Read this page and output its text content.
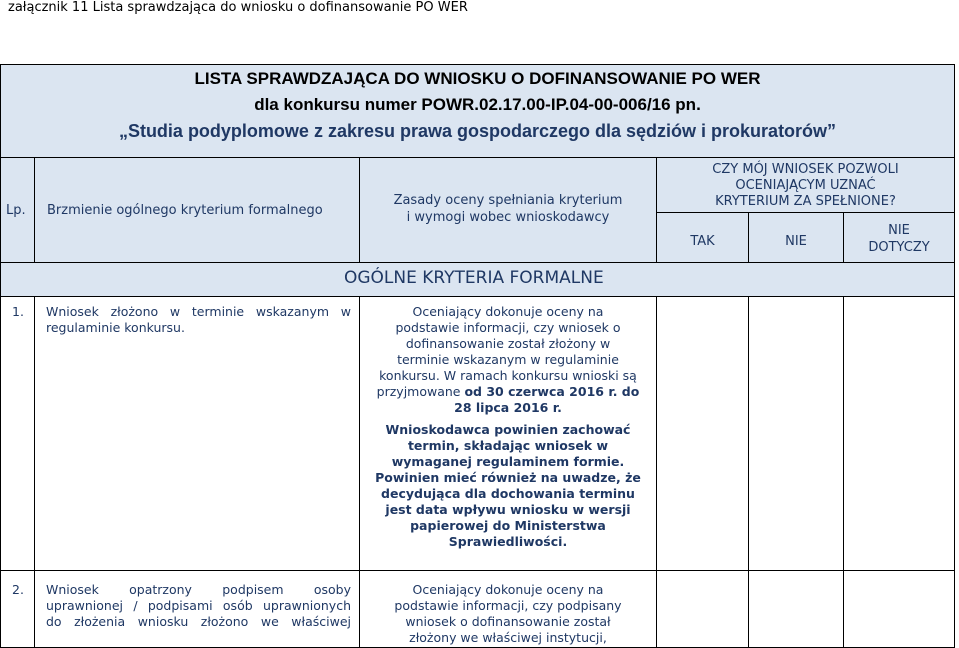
załącznik 11 Lista sprawdzająca do wniosku o dofinansowanie PO WER
LISTA SPRAWDZAJĄCA DO WNIOSKU O DOFINANSOWANIE PO WER
dla konkursu numer POWR.02.17.00-IP.04-00-006/16 pn.
„Studia podyplomowe z zakresu prawa gospodarczego dla sędziów i prokuratorów”
Lp. Brzmienie ogólnego kryterium formalnego
Zasady oceny spełniania kryterium
i wymogi wobec wnioskodawcy
CZY MÓJ WNIOSEK POZWOLI
OCENIAJĄCYM UZNAĆ
KRYTERIUM ZA SPEŁNIONE?
TAK	NIE
NIE
DOTYCZY
OGÓLNE KRYTERIA FORMALNE
1. Wniosek złożono w terminie wskazanym w
regulaminie konkursu.
Oceniający dokonuje oceny na
podstawie informacji, czy wniosek o
dofinansowanie został złożony w
terminie wskazanym w regulaminie
konkursu. W ramach konkursu wnioski są
przyjmowane od 30 czerwca 2016 r. do
28 lipca 2016 r.
Wnioskodawca powinien zachować
termin, składając wniosek w
wymaganej regulaminem formie.
Powinien mieć również na uwadze, że
decydująca dla dochowania terminu
jest data wpływu wniosku w wersji
papierowej do Ministerstwa
Sprawiedliwości.
2. Wniosek opatrzony podpisem osoby
uprawnionej / podpisami osób uprawnionych
do złożenia wniosku złożono we właściwej
Oceniający dokonuje oceny na
podstawie informacji, czy podpisany
wniosek o dofinansowanie został
złożony we właściwej instytucji,
